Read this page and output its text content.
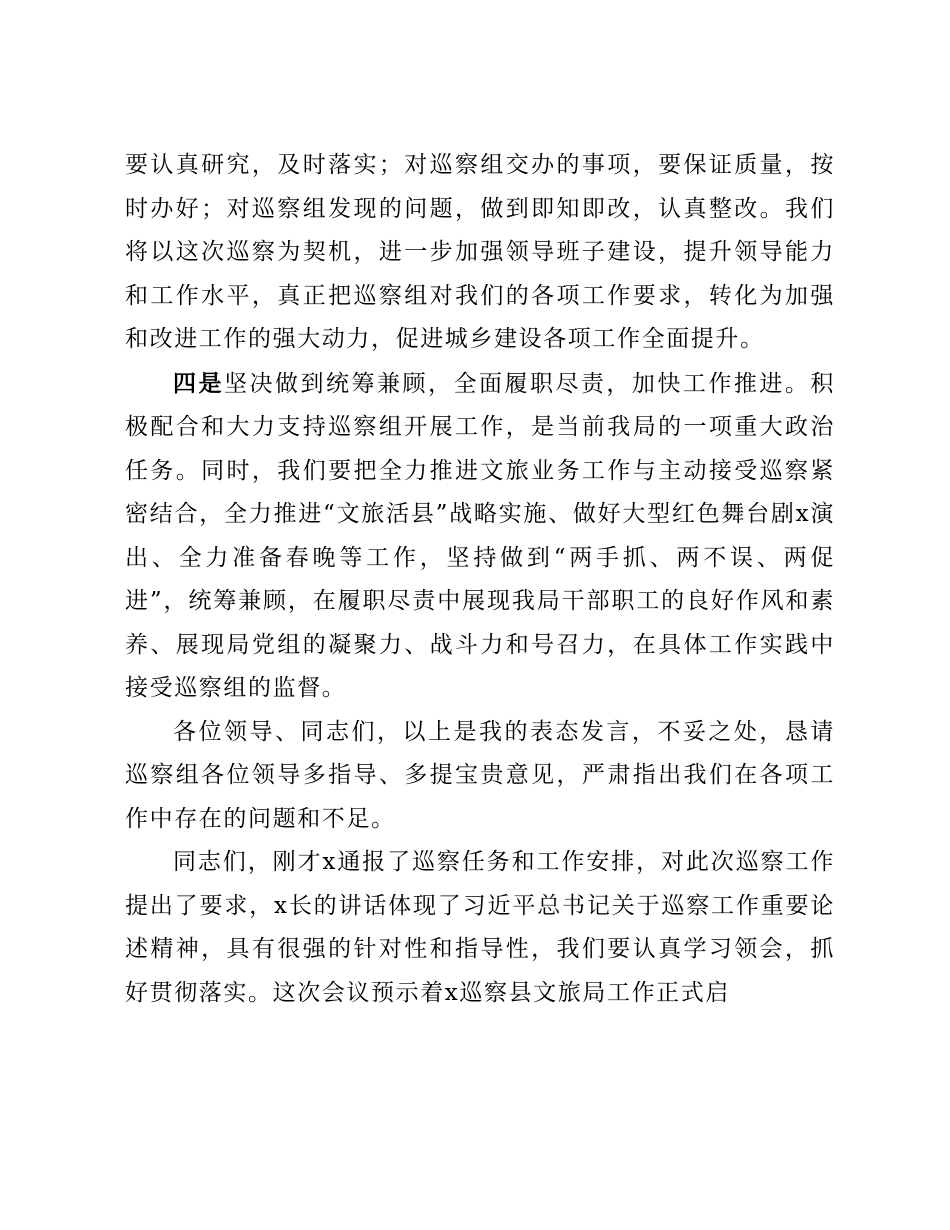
要认真研究，及时落实；对巡察组交办的事项，要保证质量，按时办好；对巡察组发现的问题，做到即知即改，认真整改。我们将以这次巡察为契机，进一步加强领导班子建设，提升领导能力和工作水平，真正把巡察组对我们的各项工作要求，转化为加强和改进工作的强大动力，促进城乡建设各项工作全面提升。

四是坚决做到统筹兼顾，全面履职尽责，加快工作推进。积极配合和大力支持巡察组开展工作，是当前我局的一项重大政治任务。同时，我们要把全力推进文旅业务工作与主动接受巡察紧密结合，全力推进“文旅活县”战略实施、做好大型红色舞台剧x演出、全力准备春晚等工作，坚持做到“两手抓、两不误、两促进”，统筹兼顾，在履职尽责中展现我局干部职工的良好作风和素养、展现局党组的凝聚力、战斗力和号召力，在具体工作实践中接受巡察组的监督。

各位领导、同志们，以上是我的表态发言，不妥之处，恳请巡察组各位领导多指导、多提宝贵意见，严肃指出我们在各项工作中存在的问题和不足。

同志们，刚才x通报了巡察任务和工作安排，对此次巡察工作提出了要求，x长的讲话体现了习近平总书记关于巡察工作重要论述精神，具有很强的针对性和指导性，我们要认真学习领会，抓好贯彻落实。这次会议预示着x巡察县文旅局工作正式启
